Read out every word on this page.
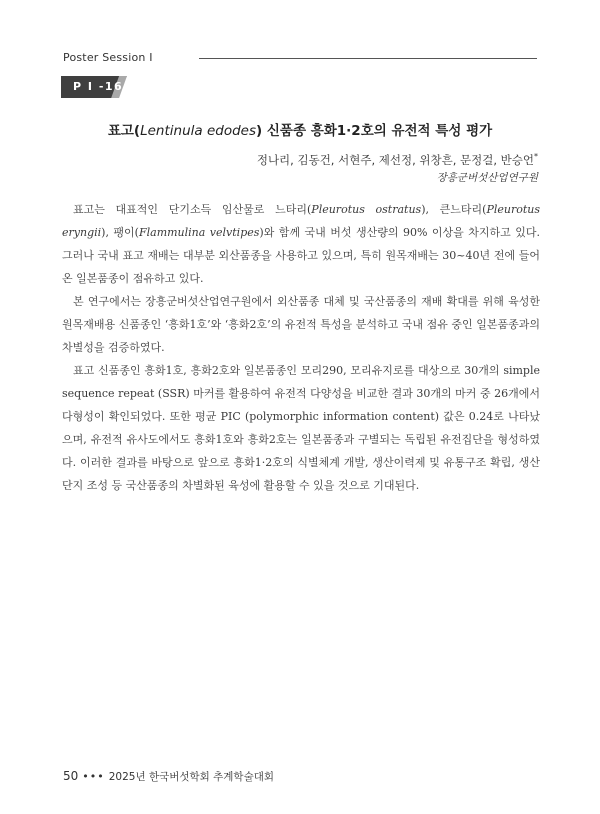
Poster Session Ⅰ
P I -16
표고(Lentinula edodes) 신품종 흥화1·2호의 유전적 특성 평가
정나리, 김동건, 서현주, 제선정, 위창흔, 문정걸, 반승언*
장흥군버섯산업연구원

표고는 대표적인 단기소득 임산물로 느타리(Pleurotus ostratus), 큰느타리(Pleurotus eryngii), 팽이(Flammulina velvtipes)와 함께 국내 버섯 생산량의 90% 이상을 차지하고 있다. 그러나 국내 표고 재배는 대부분 외산품종을 사용하고 있으며, 특히 원목재배는 30~40년 전에 들어온 일본품종이 점유하고 있다.

본 연구에서는 장흥군버섯산업연구원에서 외산품종 대체 및 국산품종의 재배 확대를 위해 육성한 원목재배용 신품종인 ‘흥화1호’와 ‘흥화2호’의 유전적 특성을 분석하고 국내 점유 중인 일본품종과의 차별성을 검증하였다.

표고 신품종인 흥화1호, 흥화2호와 일본품종인 모리290, 모리유지로를 대상으로 30개의 simple sequence repeat (SSR) 마커를 활용하여 유전적 다양성을 비교한 결과 30개의 마커 중 26개에서 다형성이 확인되었다. 또한 평균 PIC (polymorphic information content) 값은 0.24로 나타났으며, 유전적 유사도에서도 흥화1호와 흥화2호는 일본품종과 구별되는 독립된 유전집단을 형성하였다. 이러한 결과를 바탕으로 앞으로 흥화1·2호의 식별체계 개발, 생산이력제 및 유통구조 확립, 생산단지 조성 등 국산품종의 차별화된 육성에 활용할 수 있을 것으로 기대된다.

50 ••• 2025년 한국버섯학회 추계학술대회
